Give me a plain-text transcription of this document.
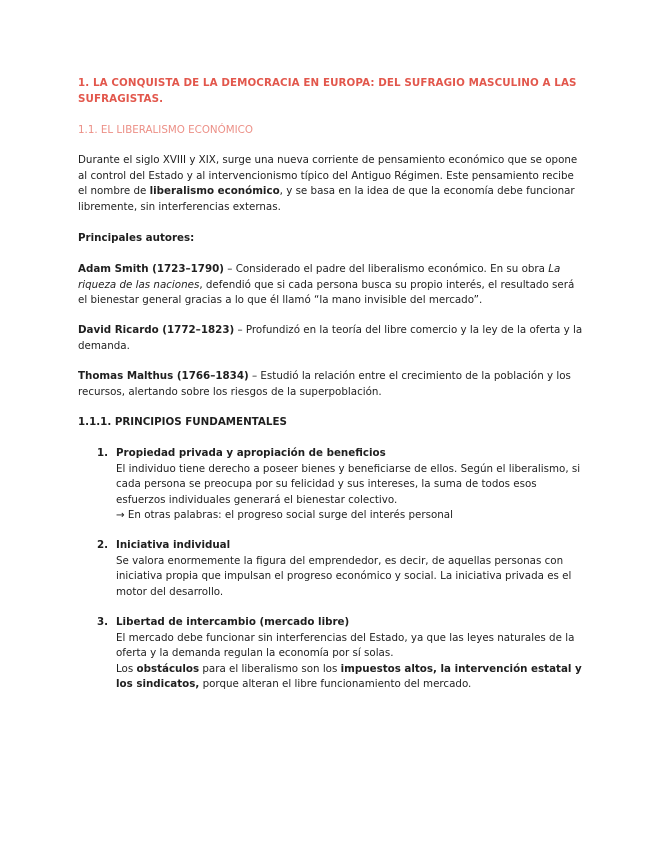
1. LA CONQUISTA DE LA DEMOCRACIA EN EUROPA: DEL SUFRAGIO MASCULINO A LAS SUFRAGISTAS.

1.1. EL LIBERALISMO ECONÓMICO

Durante el siglo XVIII y XIX, surge una nueva corriente de pensamiento económico que se opone al control del Estado y al intervencionismo típico del Antiguo Régimen. Este pensamiento recibe el nombre de liberalismo económico, y se basa en la idea de que la economía debe funcionar libremente, sin interferencias externas.

Principales autores:

Adam Smith (1723–1790) – Considerado el padre del liberalismo económico. En su obra La riqueza de las naciones, defendió que si cada persona busca su propio interés, el resultado será el bienestar general gracias a lo que él llamó “la mano invisible del mercado”.

David Ricardo (1772–1823) – Profundizó en la teoría del libre comercio y la ley de la oferta y la demanda.

Thomas Malthus (1766–1834) – Estudió la relación entre el crecimiento de la población y los recursos, alertando sobre los riesgos de la superpoblación.

1.1.1. PRINCIPIOS FUNDAMENTALES

1. Propiedad privada y apropiación de beneficios

El individuo tiene derecho a poseer bienes y beneficiarse de ellos. Según el liberalismo, si cada persona se preocupa por su felicidad y sus intereses, la suma de todos esos esfuerzos individuales generará el bienestar colectivo.

→ En otras palabras: el progreso social surge del interés personal

2. Iniciativa individual

Se valora enormemente la figura del emprendedor, es decir, de aquellas personas con iniciativa propia que impulsan el progreso económico y social. La iniciativa privada es el motor del desarrollo.

3. Libertad de intercambio (mercado libre)

El mercado debe funcionar sin interferencias del Estado, ya que las leyes naturales de la oferta y la demanda regulan la economía por sí solas.

Los obstáculos para el liberalismo son los impuestos altos, la intervención estatal y los sindicatos, porque alteran el libre funcionamiento del mercado.
